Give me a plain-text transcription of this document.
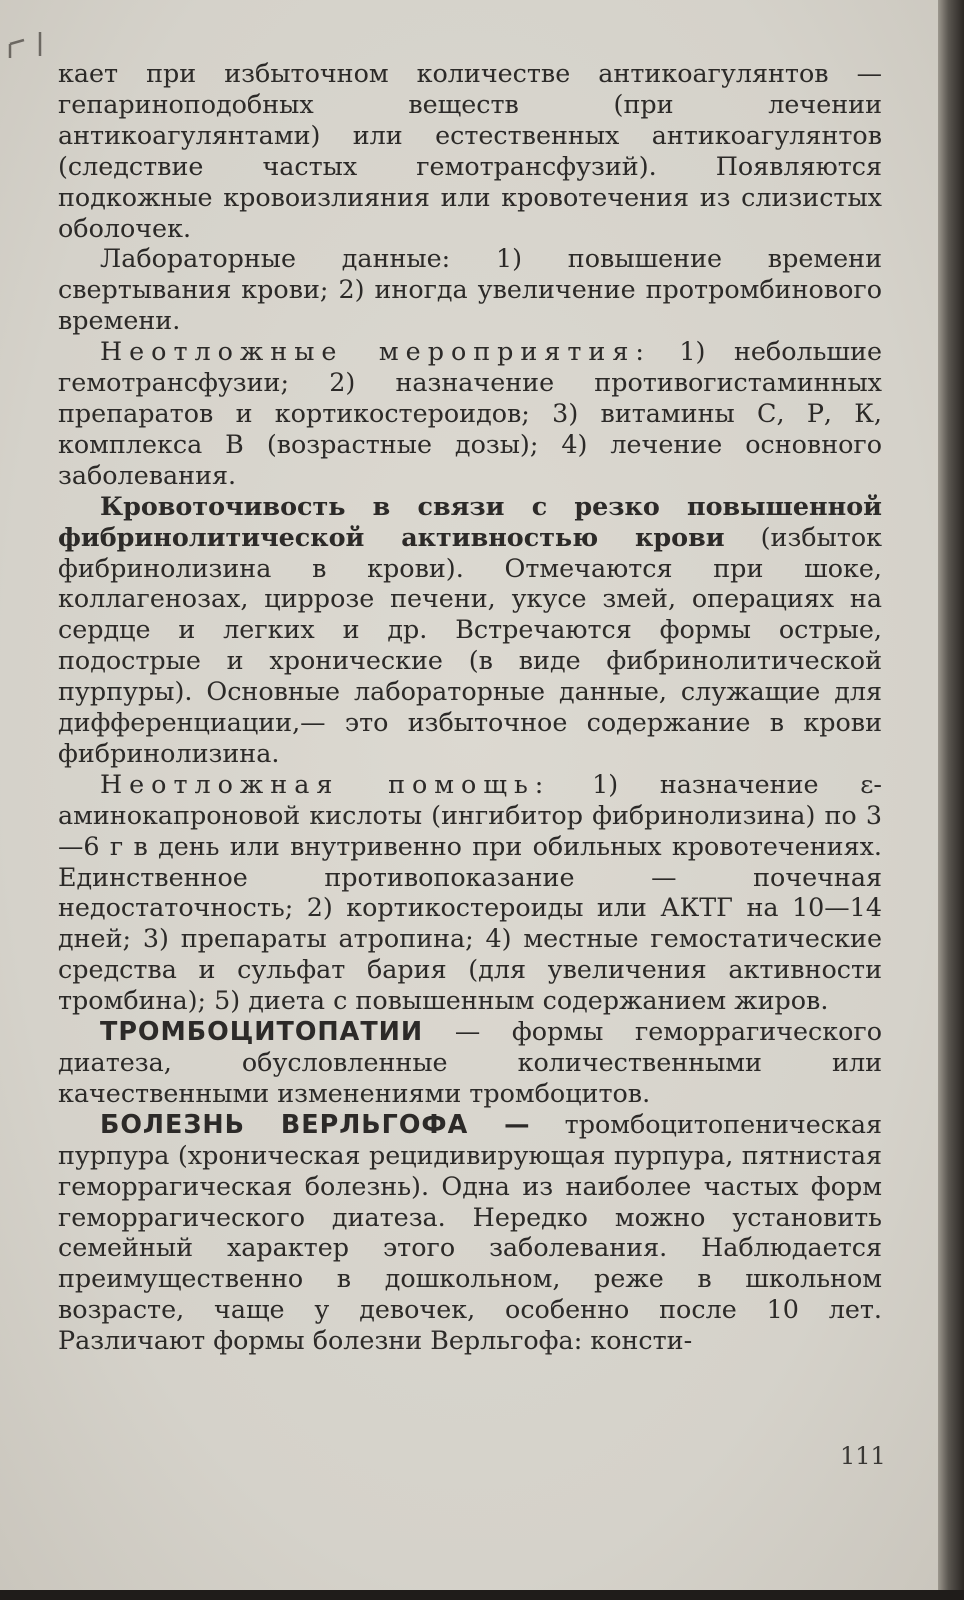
кает при избыточном количестве антикоагулянтов — гепариноподобных веществ (при лечении антикоагулянтами) или естественных антикоагулянтов (следствие частых гемотрансфузий). Появляются подкожные кровоизлияния или кровотечения из слизистых оболочек.

Лабораторные данные: 1) повышение времени свертывания крови; 2) иногда увеличение протромбинового времени.

Неотложные мероприятия: 1) небольшие гемотрансфузии; 2) назначение противогистаминных препаратов и кортикостероидов; 3) витамины С, Р, К, комплекса В (возрастные дозы); 4) лечение основного заболевания.

Кровоточивость в связи с резко повышенной фибринолитической активностью крови (избыток фибринолизина в крови). Отмечаются при шоке, коллагенозах, циррозе печени, укусе змей, операциях на сердце и легких и др. Встречаются формы острые, подострые и хронические (в виде фибринолитической пурпуры). Основные лабораторные данные, служащие для дифференциации,— это избыточное содержание в крови фибринолизина.

Неотложная помощь: 1) назначение ε-аминокапроновой кислоты (ингибитор фибринолизина) по 3—6 г в день или внутривенно при обильных кровотечениях. Единственное противопоказание — почечная недостаточность; 2) кортикостероиды или АКТГ на 10—14 дней; 3) препараты атропина; 4) местные гемостатические средства и сульфат бария (для увеличения активности тромбина); 5) диета с повышенным содержанием жиров.

ТРОМБОЦИТОПАТИИ — формы геморрагического диатеза, обусловленные количественными или качественными изменениями тромбоцитов.

БОЛЕЗНЬ ВЕРЛЬГОФА — тромбоцитопеническая пурпура (хроническая рецидивирующая пурпура, пятнистая геморрагическая болезнь). Одна из наиболее частых форм геморрагического диатеза. Нередко можно установить семейный характер этого заболевания. Наблюдается преимущественно в дошкольном, реже в школьном возрасте, чаще у девочек, особенно после 10 лет. Различают формы болезни Верльгофа: консти-

111
